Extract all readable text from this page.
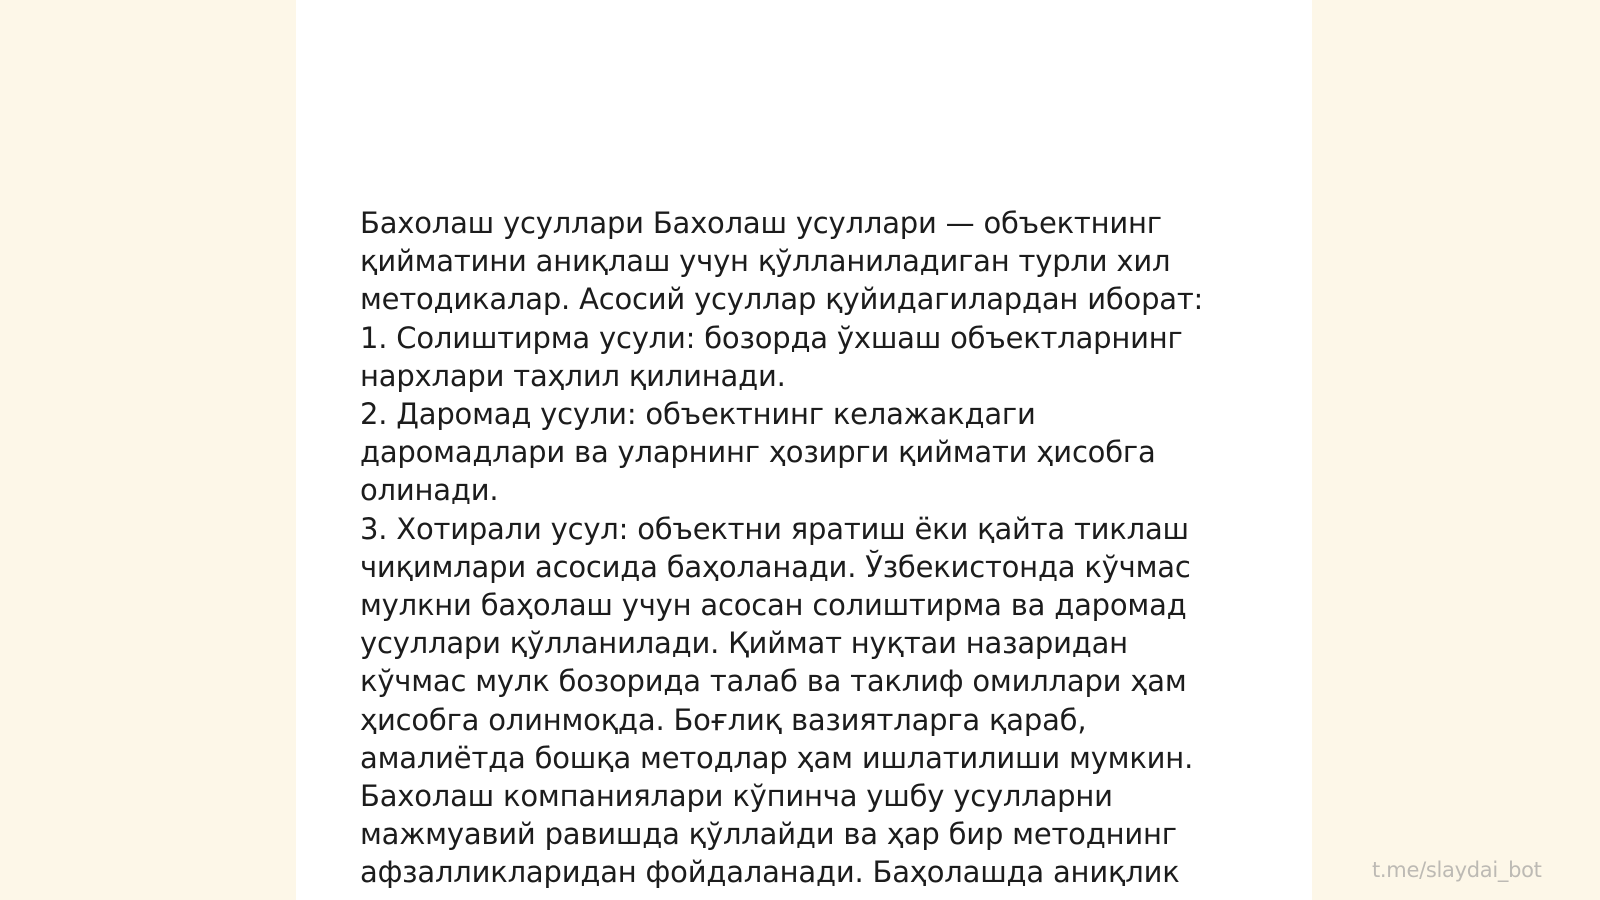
Бахолаш усуллари Бахолаш усуллари — объектнинг
қийматини аниқлаш учун қўлланиладиган турли хил
методикалар. Асосий усуллар қуйидагилардан иборат:
1. Солиштирма усули: бозорда ўхшаш объектларнинг
нархлари таҳлил қилинади.
2. Даромад усули: объектнинг келажакдаги
даромадлари ва уларнинг ҳозирги қиймати ҳисобга
олинади.
3. Хотирали усул: объектни яратиш ёки қайта тиклаш
чиқимлари асосида баҳоланади. Ўзбекистонда кўчмас
мулкни баҳолаш учун асосан солиштирма ва даромад
усуллари қўлланилади. Қиймат нуқтаи назаридан
кўчмас мулк бозорида талаб ва таклиф омиллари ҳам
ҳисобга олинмоқда. Боғлиқ вазиятларга қараб,
амалиётда бошқа методлар ҳам ишлатилиши мумкин.
Бахолаш компаниялари кўпинча ушбу усулларни
мажмуавий равишда қўллайди ва ҳар бир методнинг
афзалликларидан фойдаланади. Баҳолашда аниқлик	t.me/slaydai_bot
